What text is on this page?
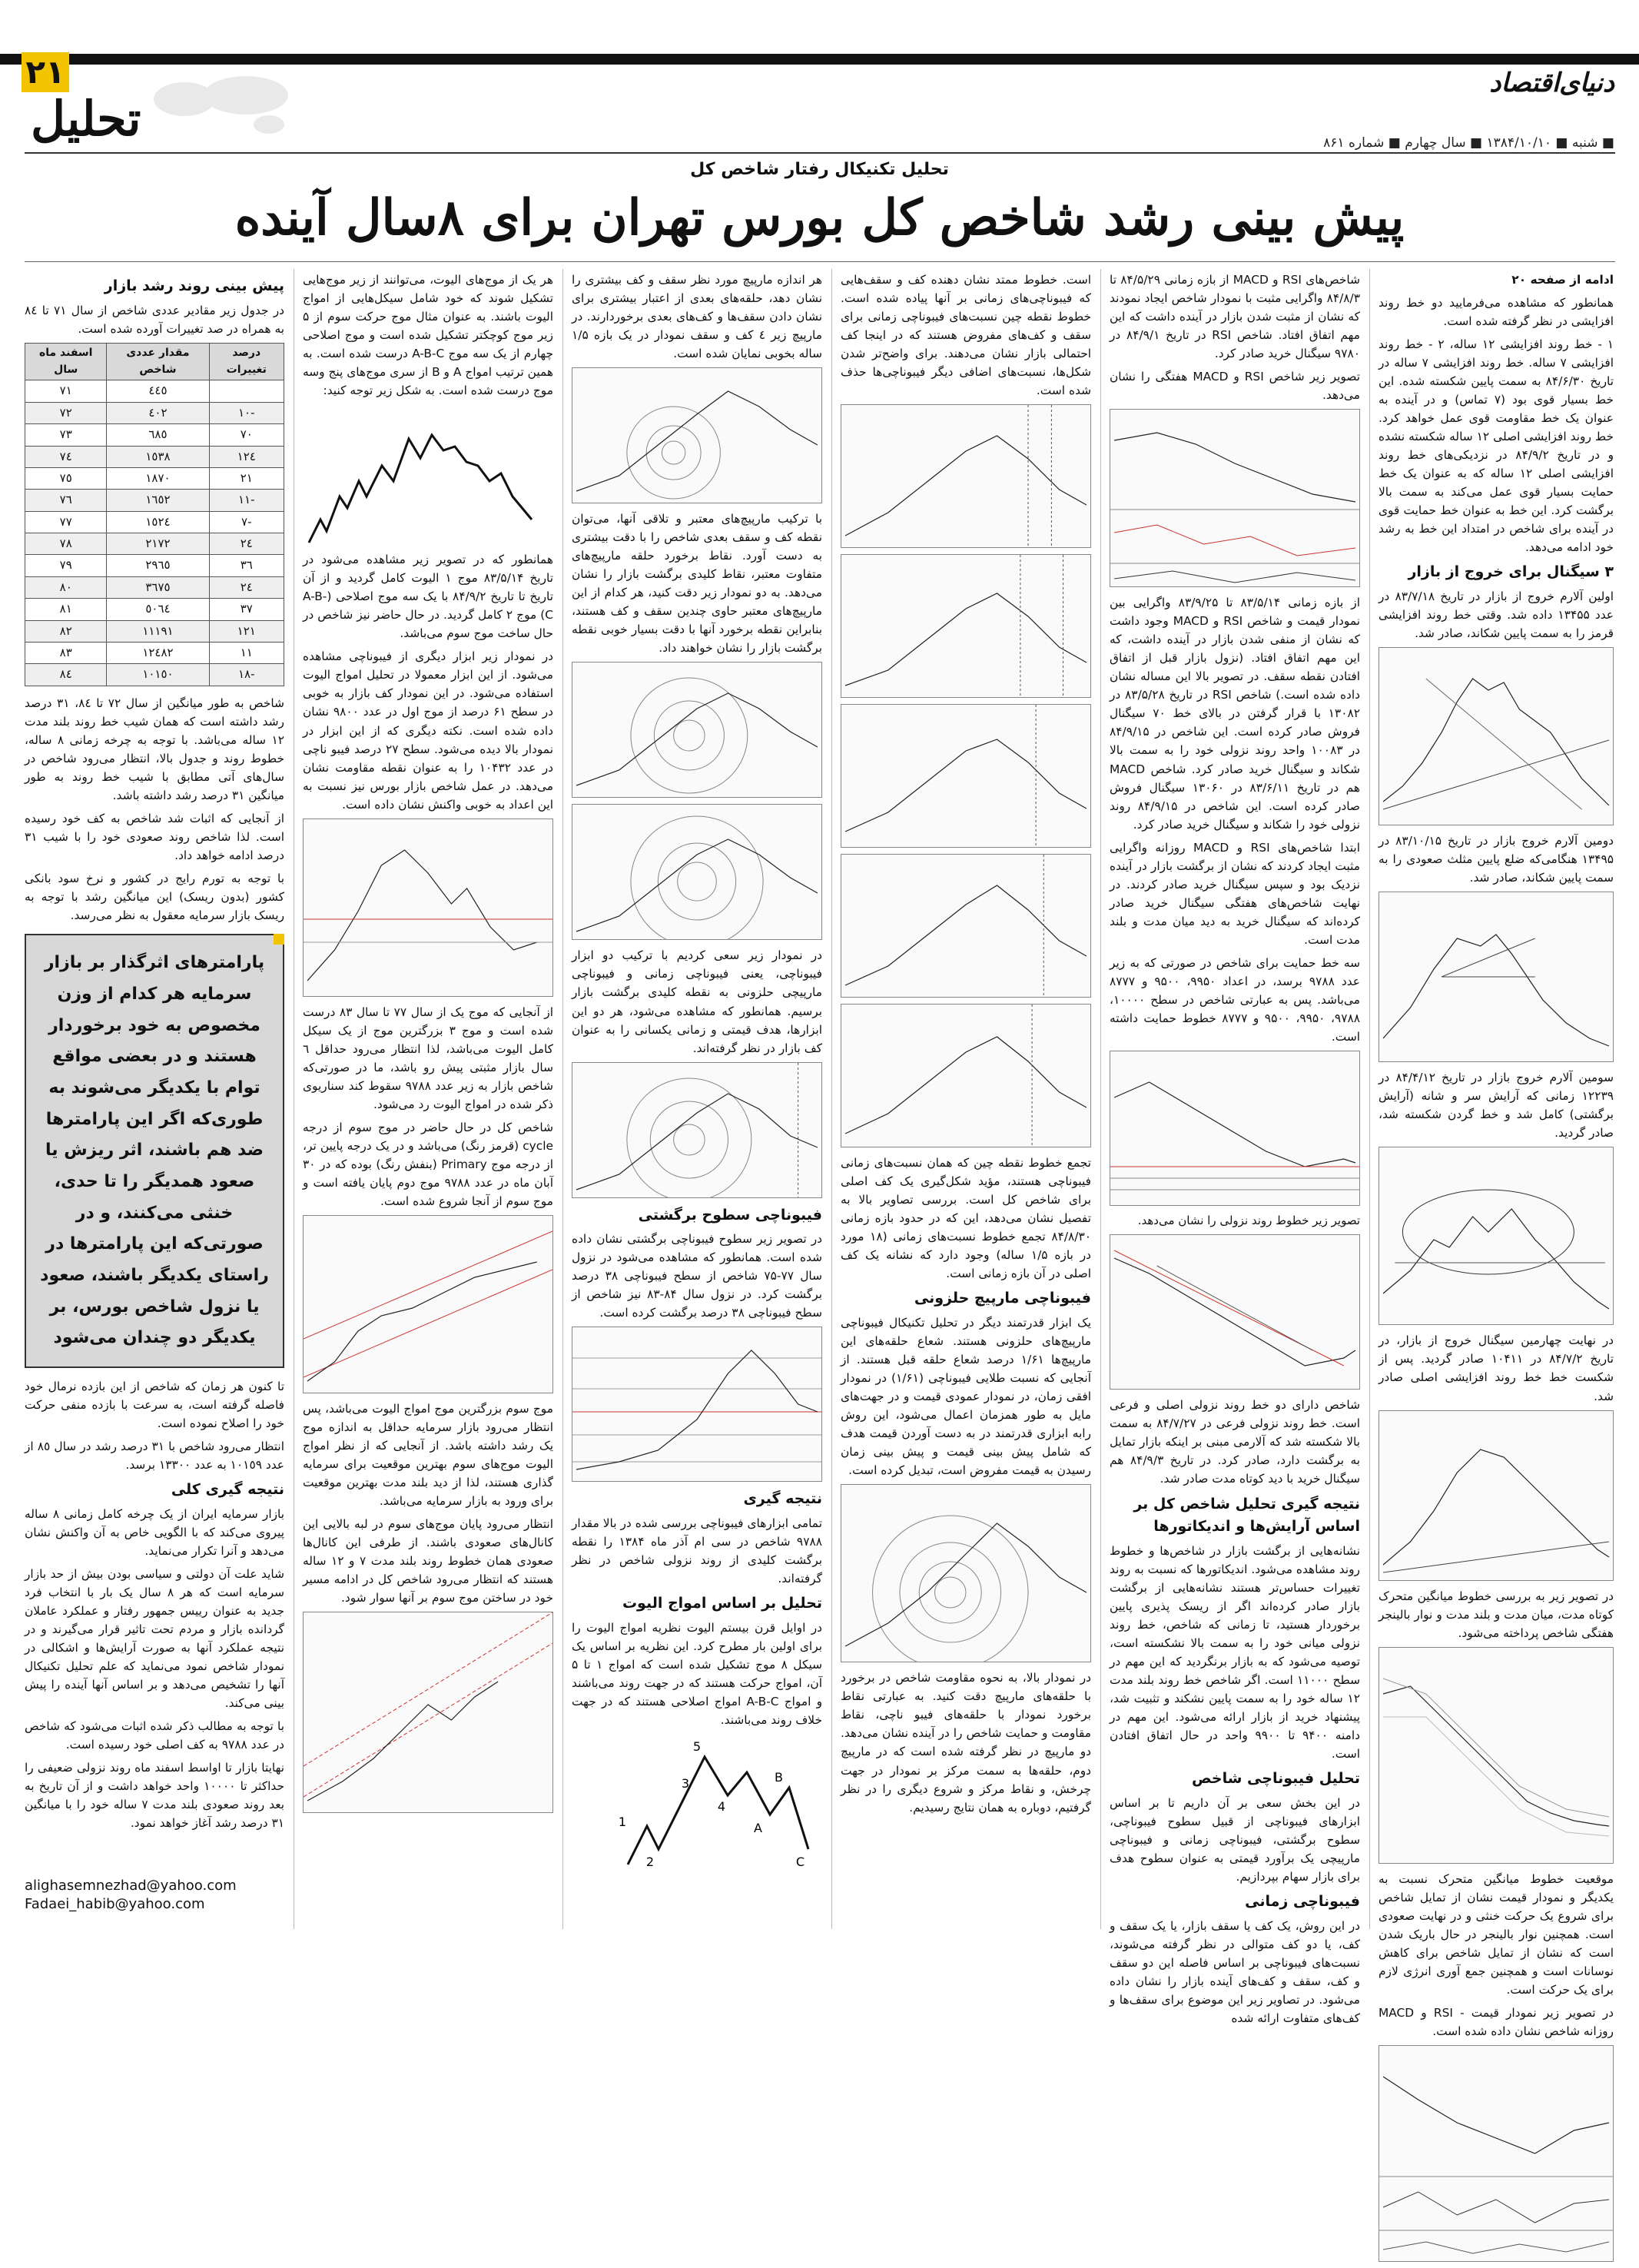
۲۱
تحلیل
دنیای‌اقتصاد
■ شنبه ■ ۱۳۸۴/۱۰/۱۰ ■ سال چهارم ■ شماره ۸۶۱
تحلیل تکنیکال رفتار شاخص کل
پیش بینی رشد شاخص کل بورس تهران برای ۸سال آینده

ادامه از صفحه ۲۰

همانطور که مشاهده می‌فرمایید دو خط روند افزایشی در نظر گرفته شده است.

۱ - خط روند افزایشی ۱۲ ساله، ۲ - خط روند افزایشی ۷ ساله. خط روند افزایشی ۷ ساله در تاریخ ۸۴/۶/۳۰ به سمت پایین شکسته شده. این خط بسیار قوی بود (۷ تماس) و در آینده به عنوان یک خط مقاومت قوی عمل خواهد کرد. خط روند افزایشی اصلی ۱۲ ساله شکسته نشده و در تاریخ ۸۴/۹/۲ در نزدیکی‌های خط روند افزایشی اصلی ۱۲ ساله که به عنوان یک خط حمایت بسیار قوی عمل می‌کند به سمت بالا برگشت کرد. این خط به عنوان خط حمایت قوی در آینده برای شاخص در امتداد این خط به رشد خود ادامه می‌دهد.

۳ سیگنال برای خروج از بازار

اولین آلارم خروج از بازار در تاریخ ۸۳/۷/۱۸ در عدد ۱۳۴۵۵ داده شد. وقتی خط روند افزایشی قرمز را به سمت پایین شکاند، صادر شد.

دومین آلارم خروج بازار در تاریخ ۸۳/۱۰/۱۵ در ۱۳۴۹۵ هنگامی‌که ضلع پایین مثلث صعودی را به سمت پایین شکاند، صادر شد.

سومین آلارم خروج بازار در تاریخ ۸۴/۴/۱۲ در ۱۲۲۳۹ زمانی که آرایش سر و شانه (آرایش برگشتی) کامل شد و خط گردن شکسته شد، صادر گردید.

در نهایت چهارمین سیگنال خروج از بازار، در تاریخ ۸۴/۷/۲ در ۱۰۴۱۱ صادر گردید. پس از شکست خط خط روند افزایشی اصلی صادر شد.

در تصویر زیر به بررسی خطوط میانگین متحرک کوتاه مدت، میان مدت و بلند مدت و نوار بالینجر هفتگی شاخص پرداخته می‌شود.

موقعیت خطوط میانگین متحرک نسبت به یکدیگر و نمودار قیمت نشان از تمایل شاخص برای شروع یک حرکت خنثی و در نهایت صعودی است. همچنین نوار بالینجر در حال باریک شدن است که نشان از تمایل شاخص برای کاهش نوسانات است و همچنین جمع آوری انرژی لازم برای یک حرکت است.

در تصویر زیر نمودار قیمت - RSI و MACD روزانه شاخص نشان داده شده است.

شاخص‌های RSI و MACD از بازه زمانی ۸۴/۵/۲۹ تا ۸۴/۸/۳ واگرایی مثبت با نمودار شاخص ایجاد نمودند که نشان از مثبت شدن بازار در آینده داشت که این مهم اتفاق افتاد. شاخص RSI در تاریخ ۸۴/۹/۱ در ۹۷۸۰ سیگنال خرید صادر کرد.

تصویر زیر شاخص RSI و MACD هفتگی را نشان می‌دهد.

از بازه زمانی ۸۳/۵/۱۴ تا ۸۳/۹/۲۵ واگرایی بین نمودار قیمت و شاخص RSI و MACD وجود داشت که نشان از منفی شدن بازار در آینده داشت، که این مهم اتفاق افتاد. (نزول بازار قبل از اتفاق افتادن نقطه سقف. در تصویر بالا این مساله نشان داده شده است.) شاخص RSI در تاریخ ۸۳/۵/۲۸ در ۱۳۰۸۲ با قرار گرفتن در بالای خط ۷۰ سیگنال فروش صادر کرده است. این شاخص در ۸۴/۹/۱۵ در ۱۰۰۸۳ واحد روند نزولی خود را به سمت بالا شکاند و سیگنال خرید صادر کرد. شاخص MACD هم در تاریخ ۸۳/۶/۱۱ در ۱۳۰۶۰ سیگنال فروش صادر کرده است. این شاخص در ۸۴/۹/۱۵ روند نزولی خود را شکاند و سیگنال خرید صادر کرد.

ابتدا شاخص‌های RSI و MACD روزانه واگرایی مثبت ایجاد کردند که نشان از برگشت بازار در آینده نزدیک بود و سپس سیگنال خرید صادر کردند. در نهایت شاخص‌های هفتگی سیگنال خرید صادر کرده‌اند که سیگنال خرید به دید میان مدت و بلند مدت است.

سه خط حمایت برای شاخص در صورتی که به زیر عدد ۹۷۸۸ برسد، در اعداد ۹۹۵۰، ۹۵۰۰ و ۸۷۷۷ می‌باشد. پس به عبارتی شاخص در سطح ۱۰۰۰۰، ۹۷۸۸، ۹۹۵۰، ۹۵۰۰ و ۸۷۷۷ خطوط حمایت داشته است.

تصویر زیر خطوط روند نزولی را نشان می‌دهد.

شاخص دارای دو خط روند نزولی اصلی و فرعی است. خط روند نزولی فرعی در ۸۴/۷/۲۷ به سمت بالا شکسته شد که آلارمی مبنی بر اینکه بازار تمایل به برگشت دارد، صادر کرد. در تاریخ ۸۴/۹/۳ هم سیگنال خرید با دید کوتاه مدت صادر شد.

نتیجه گیری تحلیل شاخص کل بر اساس آرایش‌ها و اندیکاتورها

نشانه‌هایی از برگشت بازار در شاخص‌ها و خطوط روند مشاهده می‌شود. اندیکاتورها که نسبت به روند تغییرات حساس‌تر هستند نشانه‌هایی از برگشت بازار صادر کرده‌اند اگر از ریسک پذیری پایین برخوردار هستید، تا زمانی که شاخص، خط روند نزولی میانی خود را به سمت بالا نشکسته است، توصیه می‌شود که به بازار برنگردید که این مهم در سطح ۱۱۰۰۰ است. اگر شاخص خط روند بلند مدت ۱۲ ساله خود را به سمت پایین نشکند و تثبیت شد، پیشنهاد خرید از بازار ارائه می‌شود. این مهم در دامنه ۹۴۰۰ تا ۹۹۰۰ واحد در حال اتفاق افتادن است.

تحلیل فیبوناچی شاخص

در این بخش سعی بر آن داریم تا بر اساس ابزارهای فیبوناچی از قبیل سطوح فیبوناچی، سطوح برگشتی، فیبوناچی زمانی و فیبوناچی مارپیچی یک برآورد قیمتی به عنوان سطوح هدف برای بازار سهام بپردازیم.

فیبوناچی زمانی

در این روش، یک کف یا سقف بازار، یا یک سقف و کف، یا دو کف متوالی در نظر گرفته می‌شوند، نسبت‌های فیبوناچی بر اساس فاصله این دو سقف و کف، سقف و کف‌های آینده بازار را نشان داده می‌شود. در تصاویر زیر این موضوع برای سقف‌ها و کف‌های متفاوت ارائه شده

است. خطوط ممتد نشان دهنده کف و سقف‌هایی که فیبوناچی‌های زمانی بر آنها پیاده شده است. خطوط نقطه چین نسبت‌های فیبوناچی زمانی برای سقف و کف‌های مفروض هستند که در اینجا کف احتمالی بازار نشان می‌دهند. برای واضح‌تر شدن شکل‌ها، نسبت‌های اضافی دیگر فیبوناچی‌ها حذف شده است.

تجمع خطوط نقطه چین که همان نسبت‌های زمانی فیبوناچی هستند، مؤید شکل‌گیری یک کف اصلی برای شاخص کل است. بررسی تصاویر بالا به تفصیل نشان می‌دهد، این که در حدود بازه زمانی ۸۴/۸/۳۰ تجمع خطوط نسبت‌های زمانی (۱۸ مورد در بازه ۱/۵ ساله) وجود دارد که نشانه یک کف اصلی در آن بازه زمانی است.

فیبوناچی مارپیچ حلزونی

یک ابزار قدرتمند دیگر در تحلیل تکنیکال فیبوناچی مارپیچ‌های حلزونی هستند. شعاع حلقه‌های این مارپیچ‌ها ۱/۶۱ درصد شعاع حلقه قبل هستند. از آنجایی که نسبت طلایی فیبوناچی (۱/۶۱) در نمودار افقی زمان، در نمودار عمودی قیمت و در جهت‌های مایل به طور همزمان اعمال می‌شود، این روش رابه ابزاری قدرتمند در به دست آوردن قیمت هدف که شامل پیش بینی قیمت و پیش بینی زمان رسیدن به قیمت مفروض است، تبدیل کرده است.

در نمودار بالا، به نحوه مقاومت شاخص در برخورد با حلقه‌های مارپیچ دقت کنید. به عبارتی نقاط برخورد نمودار با حلقه‌های فیبو ناچی، نقاط مقاومت و حمایت شاخص را در آینده نشان می‌دهد. دو مارپیچ در نظر گرفته شده است که در مارپیچ دوم، حلقه‌ها به سمت مرکز بر نمودار در جهت چرخش، و نقاط مرکز و شروع دیگری را در نظر گرفتیم، دوباره به همان نتایج رسیدیم.

هر اندازه مارپیچ مورد نظر سقف و کف بیشتری را نشان دهد، حلقه‌های بعدی از اعتبار بیشتری برای نشان دادن سقف‌ها و کف‌های بعدی برخوردارند. در مارپیچ زیر ٤ کف و سقف نمودار در یک بازه ۱/۵ ساله بخوبی نمایان شده است.

با ترکیب مارپیچ‌های معتبر و تلاقی آنها، می‌توان نقطه کف و سقف بعدی شاخص را با دقت بیشتری به دست آورد. نقاط برخورد حلقه مارپیچ‌های متفاوت معتبر، نقاط کلیدی برگشت بازار را نشان می‌دهد. به دو نمودار زیر دقت کنید، هر کدام از این مارپیچ‌های معتبر حاوی چندین سقف و کف هستند، بنابراین نقطه برخورد آنها با دقت بسیار خوبی نقطه برگشت بازار را نشان خواهند داد.

در نمودار زیر سعی کردیم با ترکیب دو ابزار فیبوناچی، یعنی فیبوناچی زمانی و فیبوناچی مارپیچی حلزونی به نقطه کلیدی برگشت بازار برسیم. همانطور که مشاهده می‌شود، هر دو این ابزارها، هدف قیمتی و زمانی یکسانی را به عنوان کف بازار در نظر گرفته‌اند.

فیبوناچی سطوح برگشتی

در تصویر زیر سطوح فیبوناچی برگشتی نشان داده شده است. همانطور که مشاهده می‌شود در نزول سال ۷۷-۷۵ شاخص از سطح فیبوناچی ۳۸ درصد برگشت کرد. در نزول سال ۸۴-۸۳ نیز شاخص از سطح فیبوناچی ۳۸ درصد برگشت کرده است.

نتیجه گیری

تمامی ابزارهای فیبوناچی بررسی شده در بالا مقدار ۹۷۸۸ شاخص در سی ام آذر ماه ۱۳۸۴ را نقطه برگشت کلیدی از روند نزولی شاخص در نظر گرفته‌اند.

تحلیل بر اساس امواج الیوت

در اوایل قرن بیستم الیوت نظریه امواج الیوت را برای اولین بار مطرح کرد. این نظریه بر اساس یک سیکل ۸ موج تشکیل شده است که امواج ۱ تا ۵ آن، امواج حرکت هستند که در جهت روند می‌باشند و امواج A-B-C امواج اصلاحی هستند که در جهت خلاف روند می‌باشند.

1
2
3
4
5
A
B
C

هر یک از موج‌های الیوت، می‌توانند از زیر موج‌هایی تشکیل شوند که خود شامل سیکل‌هایی از امواج الیوت باشند. به عنوان مثال موج حرکت سوم از ۵ زیر موج کوچکتر تشکیل شده است و موج اصلاحی چهارم از یک سه موج A-B-C درست شده است. به همین ترتیب امواج A و B از سری موج‌های پنج وسه موج درست شده است. به شکل زیر توجه کنید:

همانطور که در تصویر زیر مشاهده می‌شود در تاریخ ۸۳/۵/۱۴ موج ۱ الیوت کامل گردید و از آن تاریخ تا تاریخ ۸۴/۹/۲ با یک سه موج اصلاحی (A-B-C) موج ۲ کامل گردید. در حال حاضر نیز شاخص در حال ساخت موج سوم می‌باشد.

در نمودار زیر ابزار دیگری از فیبوناچی مشاهده می‌شود. از این ابزار معمولا در تحلیل امواج الیوت استفاده می‌شود. در این نمودار کف بازار به خوبی در سطح ۶۱ درصد از موج اول در عدد ۹۸۰۰ نشان داده شده است. نکته دیگری که از این ابزار در نمودار بالا دیده می‌شود. سطح ۲۷ درصد فیبو ناچی در عدد ۱۰۴۳۲ را به عنوان نقطه مقاومت نشان می‌دهد. در عمل شاخص بازار بورس نیز نسبت به این اعداد به خوبی واکنش نشان داده است.

از آنجایی که موج یک از سال ۷۷ تا سال ۸۳ درست شده است و موج ۳ بزرگترین موج از یک سیکل کامل الیوت می‌باشد، لذا انتظار می‌رود حداقل ٦ سال بازار مثبتی پیش رو باشد، ما در صورتی‌که شاخص بازار به زیر عدد ۹۷۸۸ سقوط کند سناریوی ذکر شده در امواج الیوت رد می‌شود.

شاخص کل در حال حاضر در موج سوم از درجه cycle (قرمز رنگ) می‌باشد و در یک درجه پایین تر، از درجه موج Primary (بنفش رنگ) بوده که در ۳۰ آبان ماه در عدد ۹۷۸۸ موج دوم پایان یافته است و موج سوم از آنجا شروع شده است.

موج سوم بزرگترین موج امواج الیوت می‌باشد، پس انتظار می‌رود بازار سرمایه حداقل به اندازه موج یک رشد داشته باشد. از آنجایی که از نظر امواج الیوت موج‌های سوم بهترین موقعیت برای سرمایه گذاری هستند، لذا از دید بلند مدت بهترین موقعیت برای ورود به بازار سرمایه می‌باشد.

انتظار می‌رود پایان موج‌های سوم در لبه بالایی این کانال‌های صعودی باشند. از طرفی این کانال‌ها صعودی همان خطوط روند بلند مدت ۷ و ۱۲ ساله هستند که انتظار می‌رود شاخص کل در ادامه مسیر خود در ساختن موج سوم بر آنها سوار شود.

پیش بینی روند رشد بازار

در جدول زیر مقادیر عددی شاخص از سال ۷۱ تا ۸٤ به همراه در صد تغییرات آورده شده است.

درصد تغییرات	مقدار عددی شاخص	اسفند ماه سال
	٤٤٥	۷۱
-۱۰	٤۰۲	۷۲
۷۰	٦۸٥	۷۳
۱۲٤	۱٥۳۸	۷٤
۲۱	۱۸۷۰	۷٥
-۱۱	۱٦٥۲	۷٦
-۷	۱٥۲٤	۷۷
۲٤	۲۱۷۲	۷۸
۳٦	۲۹٦٥	۷۹
۲٤	۳٦۷٥	۸۰
۳۷	٥۰٦٤	۸۱
۱۲۱	۱۱۱۹۱	۸۲
۱۱	۱۲٤۸۲	۸۳
-۱۸	۱۰۱٥۰	۸٤

شاخص به طور میانگین از سال ۷۲ تا ۸٤، ۳۱ درصد رشد داشته است که همان شیب خط روند بلند مدت ۱۲ ساله می‌باشد. با توجه به چرخه زمانی ۸ ساله، خطوط روند و جدول بالا، انتظار می‌رود شاخص در سال‌های آتی مطابق با شیب خط روند به طور میانگین ۳۱ درصد رشد داشته باشد.

از آنجایی که اثبات شد شاخص به کف خود رسیده است. لذا شاخص روند صعودی خود را با شیب ۳۱ درصد ادامه خواهد داد.

با توجه به تورم رایج در کشور و نرخ سود بانکی کشور (بدون ریسک) این میانگین رشد با توجه به ریسک بازار سرمایه معقول به نظر می‌رسد.

پارامترهای اثرگذار بر بازار سرمایه هر کدام از وزن مخصوص به خود برخوردار هستند و در بعضی مواقع توام با یکدیگر می‌شوند به طوری‌که اگر این پارامترها ضد هم باشند، اثر ریزش یا صعود همدیگر را تا حدی، خنثی می‌کنند، و در صورتی‌که این پارامترها در راستای یکدیگر باشند، صعود یا نزول شاخص بورس، بر یکدیگر دو چندان می‌شود

تا کنون هر زمان که شاخص از این بازده نرمال خود فاصله گرفته است، به سرعت با بازده منفی حرکت خود را اصلاح نموده است.

انتظار می‌رود شاخص با ۳۱ درصد رشد در سال ۸٥ از عدد ۱۰۱٥۹ به عدد ۱۳۳۰۰ برسد.

نتیجه گیری کلی

بازار سرمایه ایران از یک چرخه کامل زمانی ۸ ساله پیروی می‌کند که با الگویی خاص به آن واکنش نشان می‌دهد و آنرا تکرار می‌نماید.

شاید علت آن دولتی و سیاسی بودن بیش از حد بازار سرمایه است که هر ۸ سال یک بار با انتخاب فرد جدید به عنوان رییس جمهور رفتار و عملکرد عاملان گردانده بازار و مردم تحت تاثیر قرار می‌گیرند و در نتیجه عملکرد آنها به صورت آرایش‌ها و اشکالی در نمودار شاخص نمود می‌نماید که علم تحلیل تکنیکال آنها را تشخیص می‌دهد و بر اساس آنها آینده را پیش بینی می‌کند.

با توجه به مطالب ذکر شده اثبات می‌شود که شاخص در عدد ۹۷۸۸ به کف اصلی خود رسیده است.

نهایتا بازار تا اواسط اسفند ماه روند نزولی ضعیفی را حداکثر تا ۱۰۰۰۰ واحد خواهد داشت و از آن تاریخ به بعد روند صعودی بلند مدت ۷ ساله خود را با میانگین ۳۱ درصد رشد آغاز خواهد نمود.

alighasemnezhad@yahoo.com
Fadaei_habib@yahoo.com
